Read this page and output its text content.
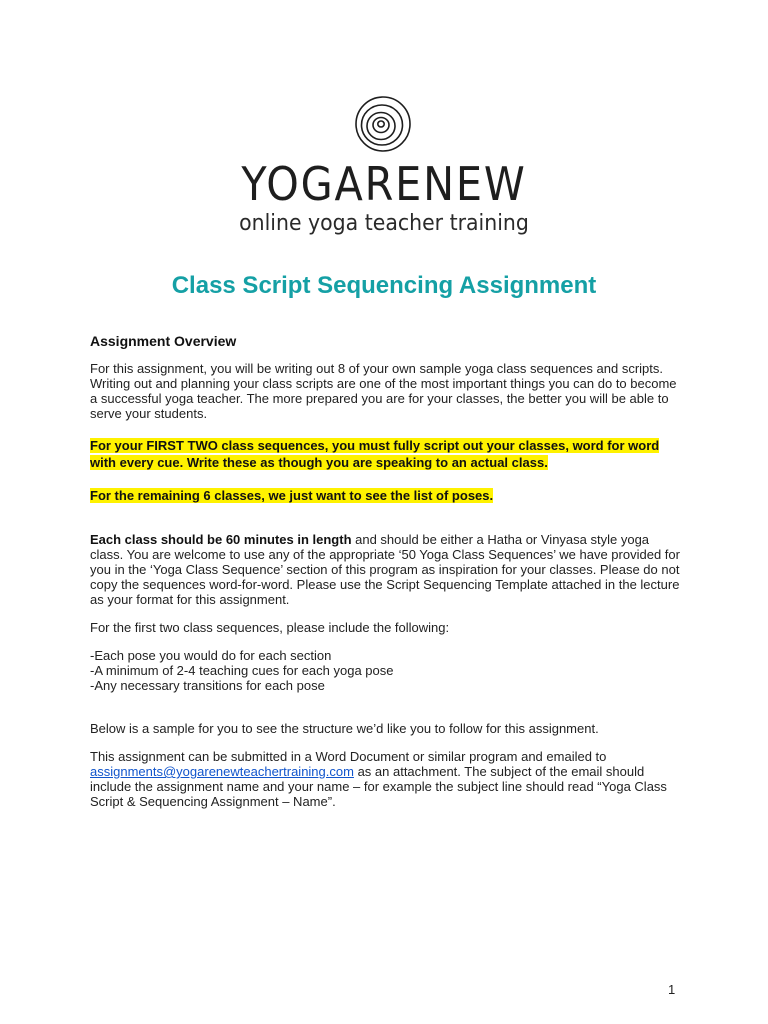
YOGARENEW
online yoga teacher training
Class Script Sequencing Assignment
Assignment Overview

For this assignment, you will be writing out 8 of your own sample yoga class sequences and scripts. Writing out and planning your class scripts are one of the most important things you can do to become a successful yoga teacher. The more prepared you are for your classes, the better you will be able to serve your students.

For your FIRST TWO class sequences, you must fully script out your classes, word for word with every cue. Write these as though you are speaking to an actual class.

For the remaining 6 classes, we just want to see the list of poses.

Each class should be 60 minutes in length and should be either a Hatha or Vinyasa style yoga class. You are welcome to use any of the appropriate ‘50 Yoga Class Sequences’ we have provided for you in the ‘Yoga Class Sequence’ section of this program as inspiration for your classes. Please do not copy the sequences word-for-word. Please use the Script Sequencing Template attached in the lecture as your format for this assignment.

For the first two class sequences, please include the following:

-Each pose you would do for each section

-A minimum of 2-4 teaching cues for each yoga pose

-Any necessary transitions for each pose

Below is a sample for you to see the structure we’d like you to follow for this assignment.

This assignment can be submitted in a Word Document or similar program and emailed to
assignments@yogarenewteachertraining.com as an attachment. The subject of the email should include the assignment name and your name – for example the subject line should read “Yoga Class Script & Sequencing Assignment – Name”.

1
